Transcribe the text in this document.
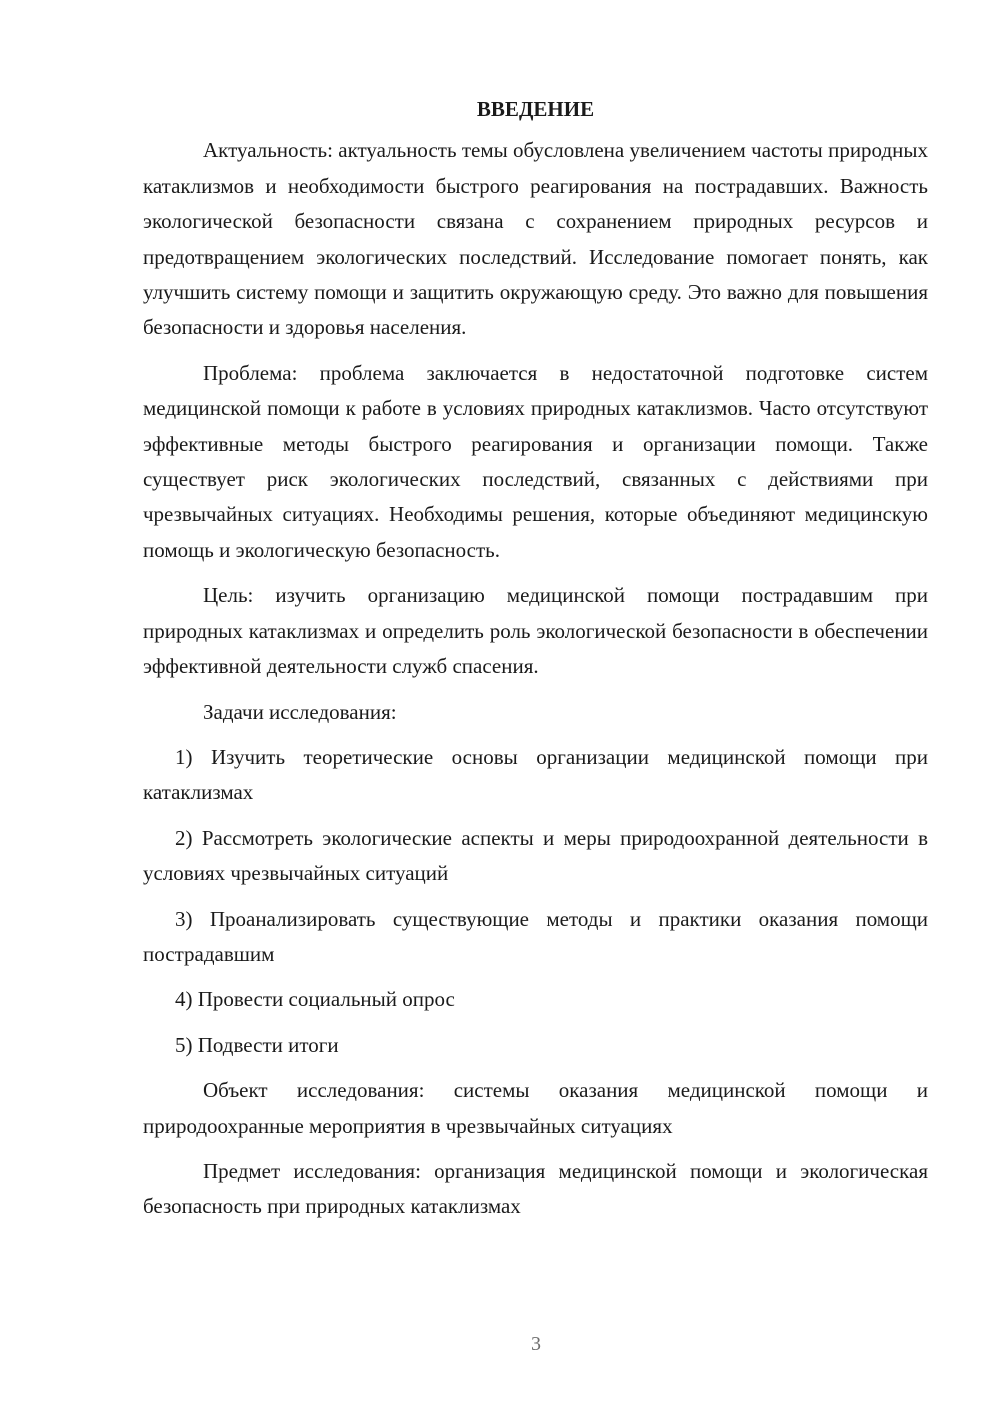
ВВЕДЕНИЕ

Актуальность: актуальность темы обусловлена увеличением частоты природных катаклизмов и необходимости быстрого реагирования на пострадавших. Важность экологической безопасности связана с сохранением природных ресурсов и предотвращением экологических последствий. Исследование помогает понять, как улучшить систему помощи и защитить окружающую среду. Это важно для повышения безопасности и здоровья населения.

Проблема: проблема заключается в недостаточной подготовке систем медицинской помощи к работе в условиях природных катаклизмов. Часто отсутствуют эффективные методы быстрого реагирования и организации помощи. Также существует риск экологических последствий, связанных с действиями при чрезвычайных ситуациях. Необходимы решения, которые объединяют медицинскую помощь и экологическую безопасность.

Цель: изучить организацию медицинской помощи пострадавшим при природных катаклизмах и определить роль экологической безопасности в обеспечении эффективной деятельности служб спасения.

Задачи исследования:

1) Изучить теоретические основы организации медицинской помощи при катаклизмах

2) Рассмотреть экологические аспекты и меры природоохранной деятельности в условиях чрезвычайных ситуаций

3) Проанализировать существующие методы и практики оказания помощи пострадавшим

4) Провести социальный опрос

5) Подвести итоги

Объект исследования: системы оказания медицинской помощи и природоохранные мероприятия в чрезвычайных ситуациях

Предмет исследования: организация медицинской помощи и экологическая безопасность при природных катаклизмах

3
